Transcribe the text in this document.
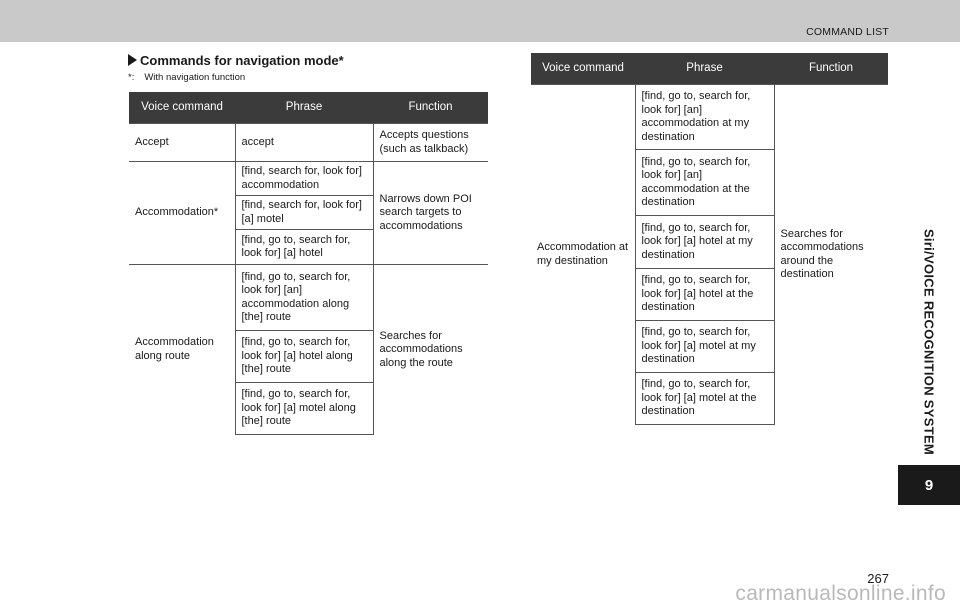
COMMAND LIST
Commands for navigation mode*
*: With navigation function
Voice command	Phrase	Function
Accept	accept	Accepts questions (such as talkback)
Accommodation*	[find, search for, look for] accommodation	Narrows down POI search targets to accommodations
	[find, search for, look for] [a] motel	
	[find, go to, search for, look for] [a] hotel	
Accommodation along route	[find, go to, search for, look for] [an] accommodation along [the] route	Searches for accommodations along the route
	[find, go to, search for, look for] [a] hotel along [the] route	
	[find, go to, search for, look for] [a] motel along [the] route	
Voice command	Phrase	Function
Accommodation at my destination	[find, go to, search for, look for] [an] accommodation at my destination	Searches for accommodations around the destination
	[find, go to, search for, look for] [an] accommodation at the destination	
	[find, go to, search for, look for] [a] hotel at my destination	
	[find, go to, search for, look for] [a] hotel at the destination	
	[find, go to, search for, look for] [a] motel at my destination	
	[find, go to, search for, look for] [a] motel at the destination		Siri/VOICE RECOGNITION SYSTEM
9
267
carmanualsonline.info
